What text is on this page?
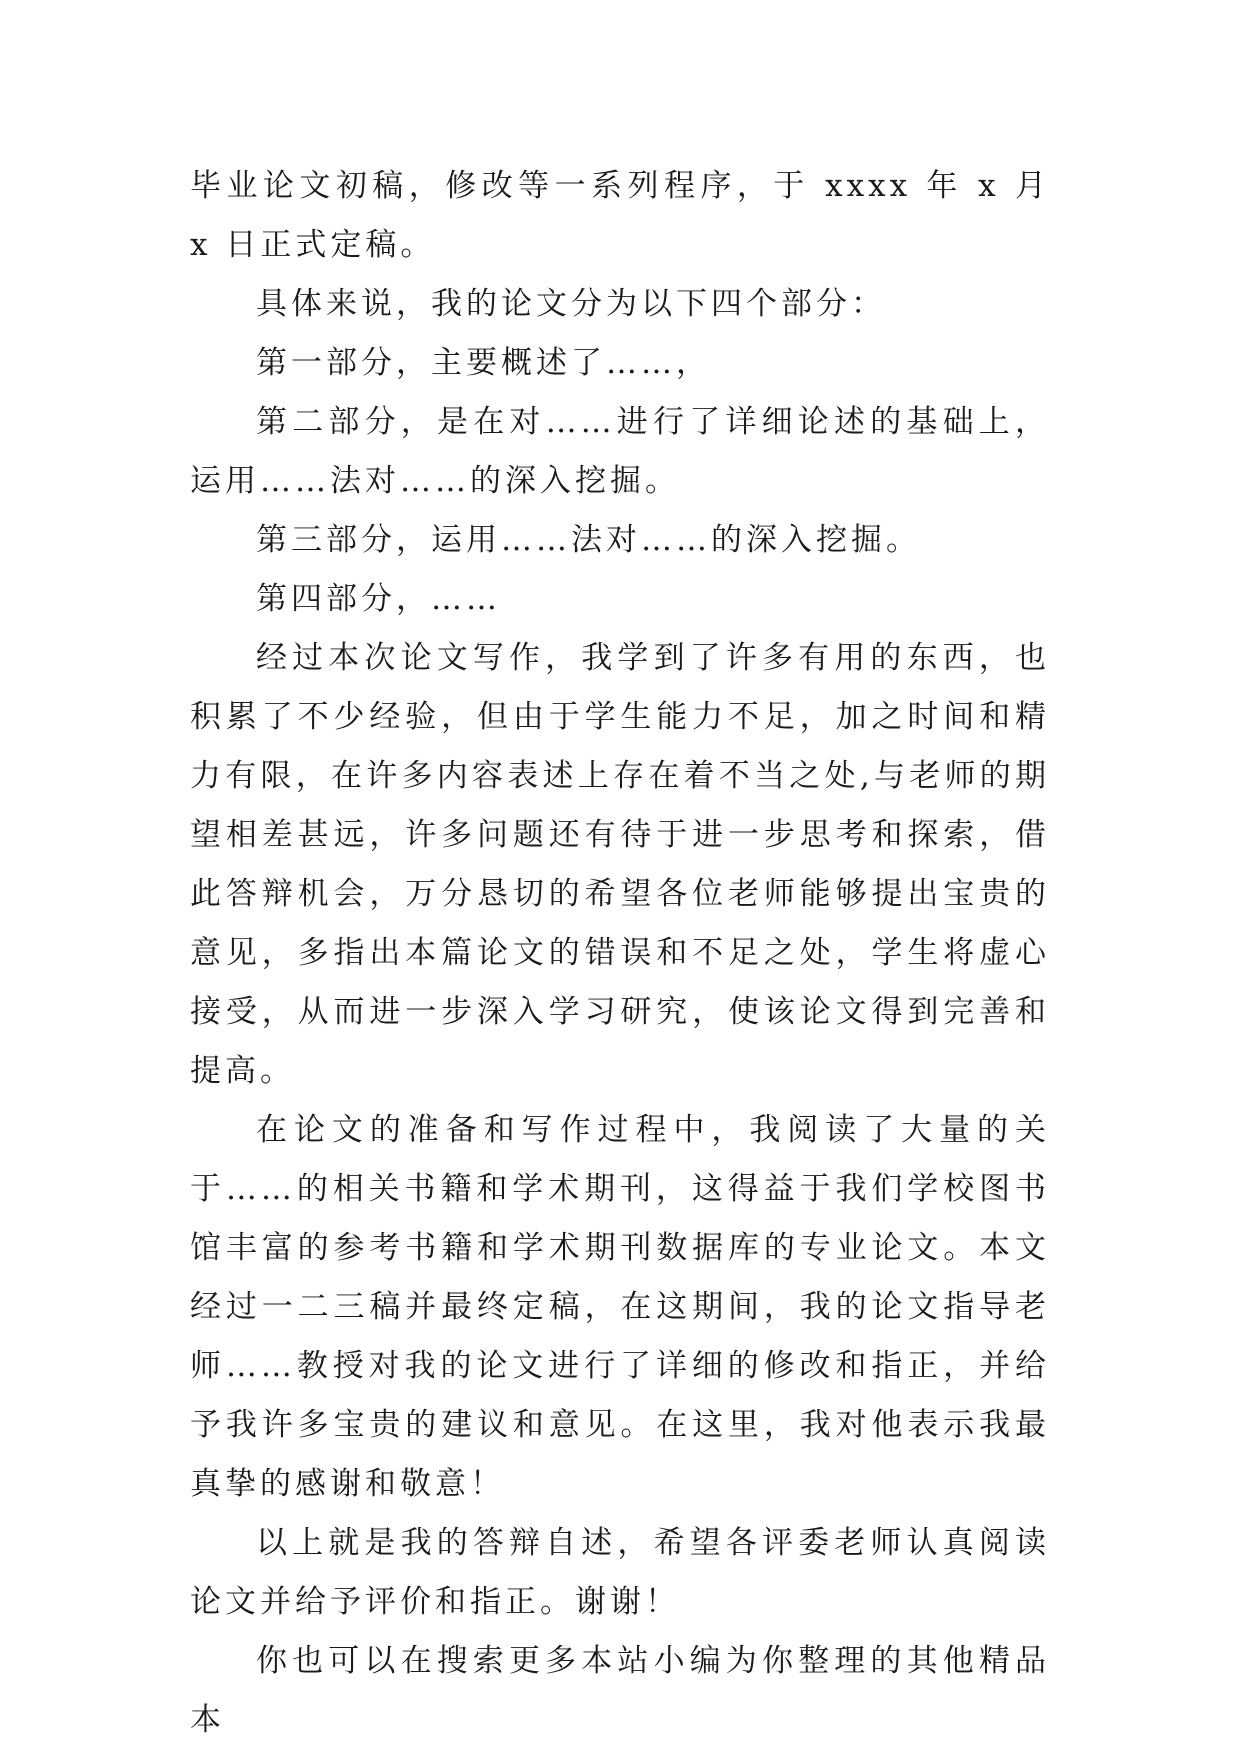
毕业论文初稿，修改等一系列程序，于 xxxx 年 x 月 x 日正式定稿。

具体来说，我的论文分为以下四个部分：

第一部分，主要概述了……，

第二部分，是在对……进行了详细论述的基础上，运用……法对……的深入挖掘。

第三部分，运用……法对……的深入挖掘。

第四部分，……

经过本次论文写作，我学到了许多有用的东西，也积累了不少经验，但由于学生能力不足，加之时间和精力有限，在许多内容表述上存在着不当之处,与老师的期望相差甚远，许多问题还有待于进一步思考和探索，借此答辩机会，万分恳切的希望各位老师能够提出宝贵的意见，多指出本篇论文的错误和不足之处，学生将虚心接受，从而进一步深入学习研究，使该论文得到完善和提高。

在论文的准备和写作过程中，我阅读了大量的关于……的相关书籍和学术期刊，这得益于我们学校图书馆丰富的参考书籍和学术期刊数据库的专业论文。本文经过一二三稿并最终定稿，在这期间，我的论文指导老师……教授对我的论文进行了详细的修改和指正，并给予我许多宝贵的建议和意见。在这里，我对他表示我最真挚的感谢和敬意！

以上就是我的答辩自述，希望各评委老师认真阅读论文并给予评价和指正。谢谢！

你也可以在搜索更多本站小编为你整理的其他精品本
